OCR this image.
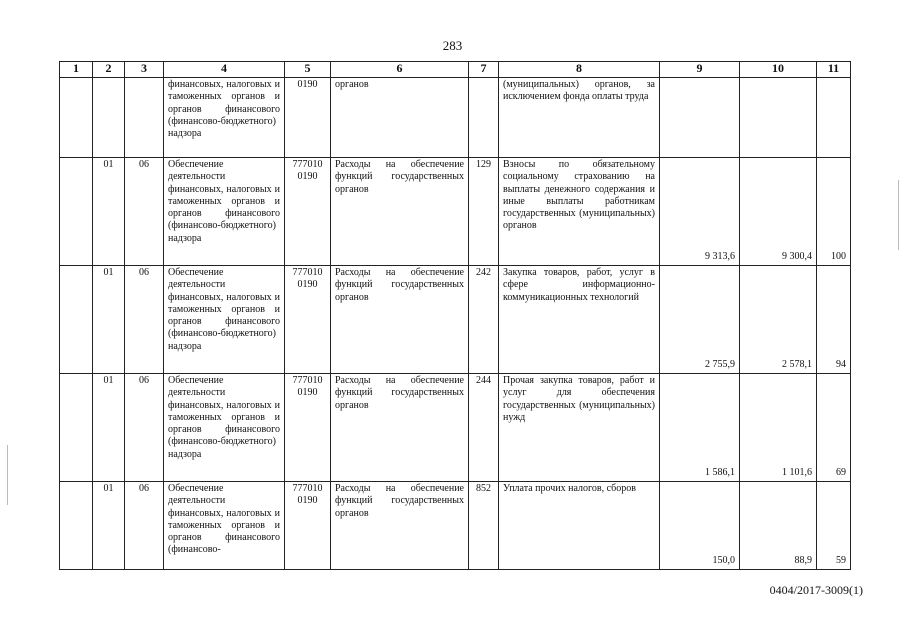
283
1	2	3	4	5	6	7	8	9	10	11
			финансовых, налоговых и таможенных органов и органов финансового (финансово-бюджетного) надзора	0190	органов		(муниципальных) органов, за исключением фонда оплаты труда			
	01	06	Обеспечение деятельности финансовых, налоговых и таможенных органов и органов финансового (финансово-бюджетного) надзора	777010 0190	Расходы на обеспечение функций государственных органов	129	Взносы по обязательному социальному страхованию на выплаты денежного содержания и иные выплаты работникам государственных (муниципальных) органов	9 313,6	9 300,4	100
	01	06	Обеспечение деятельности финансовых, налоговых и таможенных органов и органов финансового (финансово-бюджетного) надзора	777010 0190	Расходы на обеспечение функций государственных органов	242	Закупка товаров, работ, услуг в сфере информационно-коммуникационных технологий	2 755,9	2 578,1	94
	01	06	Обеспечение деятельности финансовых, налоговых и таможенных органов и органов финансового (финансово-бюджетного) надзора	777010 0190	Расходы на обеспечение функций государственных органов	244	Прочая закупка товаров, работ и услуг для обеспечения государственных (муниципальных) нужд	1 586,1	1 101,6	69
	01	06	Обеспечение деятельности финансовых, налоговых и таможенных органов и органов финансового (финансово-	777010 0190	Расходы на обеспечение функций государственных органов	852	Уплата прочих налогов, сборов	150,0	88,9	59
0404/2017-3009(1)
